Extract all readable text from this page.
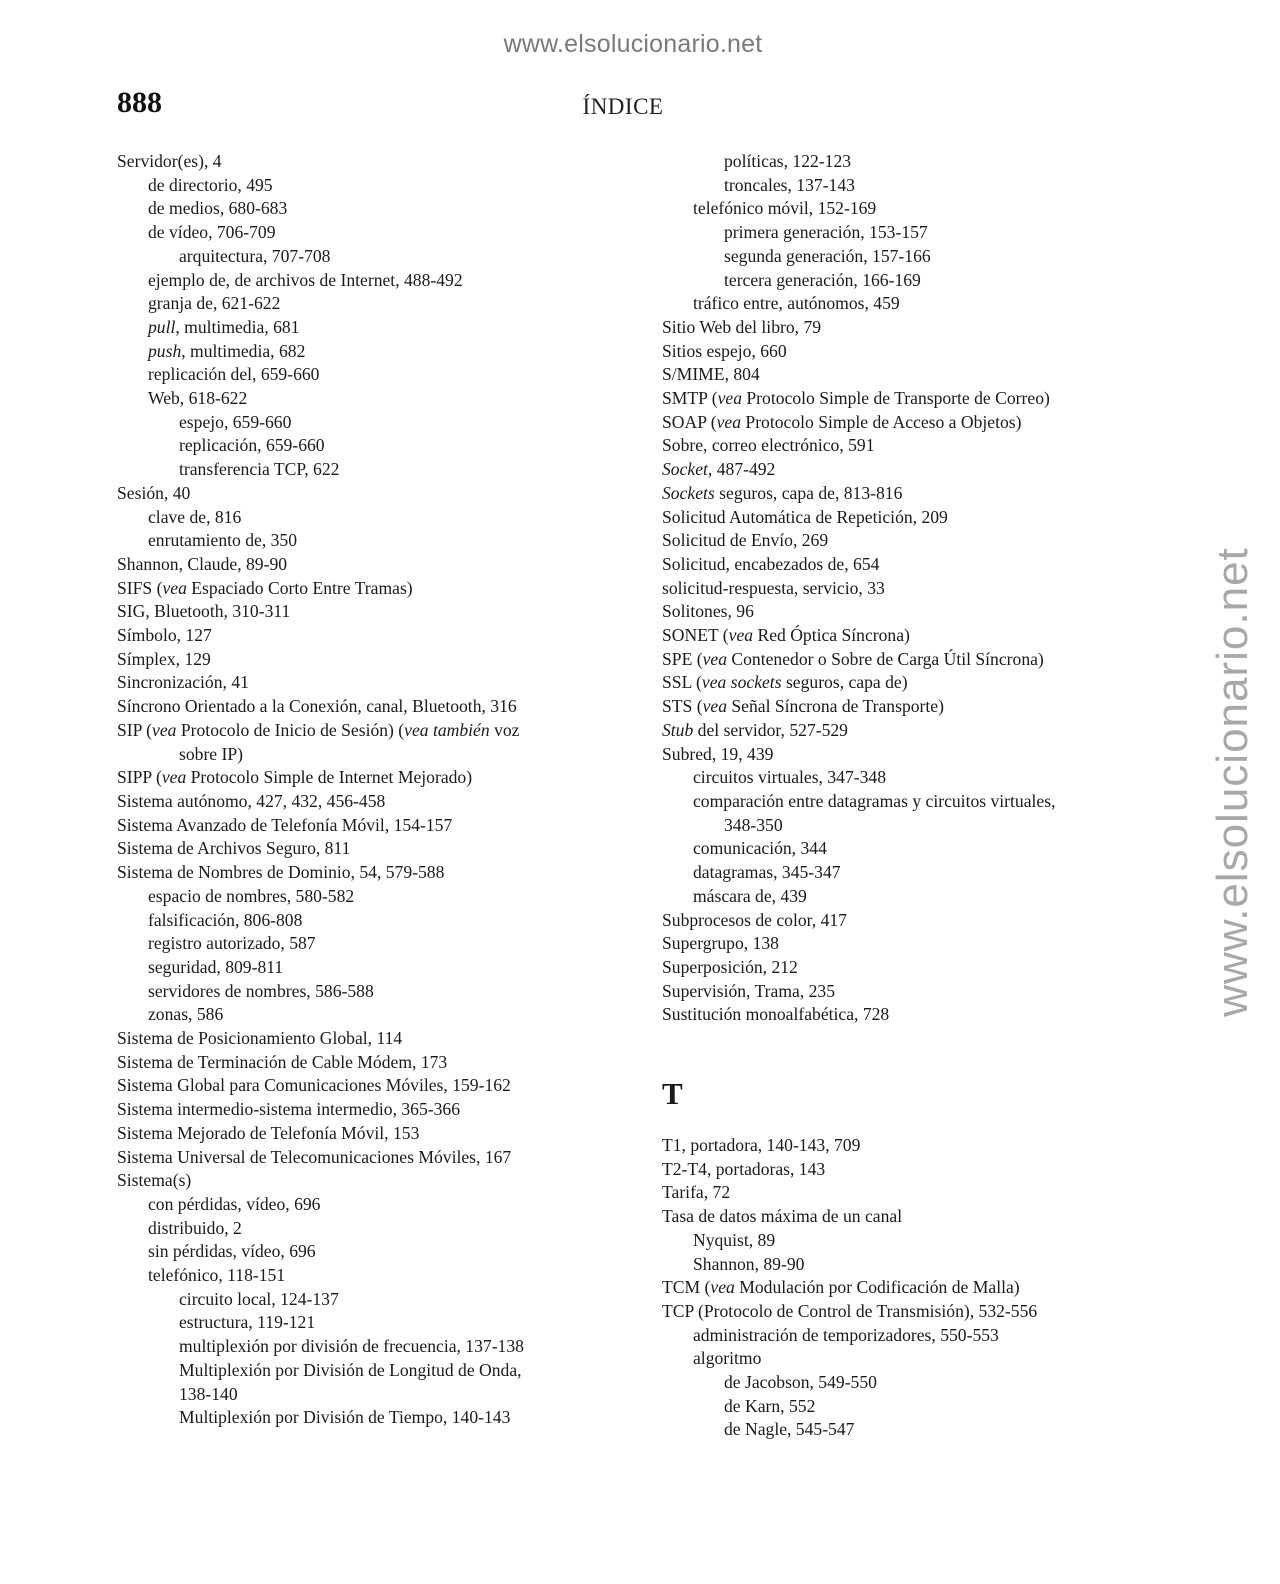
www.elsolucionario.net
www.elsolucionario.net
888	ÍNDICE
Servidor(es), 4
de directorio, 495
de medios, 680-683
de vídeo, 706-709
arquitectura, 707-708
ejemplo de, de archivos de Internet, 488-492
granja de, 621-622
pull, multimedia, 681
push, multimedia, 682
replicación del, 659-660
Web, 618-622
espejo, 659-660
replicación, 659-660
transferencia TCP, 622
Sesión, 40
clave de, 816
enrutamiento de, 350
Shannon, Claude, 89-90
SIFS (vea Espaciado Corto Entre Tramas)
SIG, Bluetooth, 310-311
Símbolo, 127
Símplex, 129
Sincronización, 41
Síncrono Orientado a la Conexión, canal, Bluetooth, 316
SIP (vea Protocolo de Inicio de Sesión) (vea también voz
sobre IP)
SIPP (vea Protocolo Simple de Internet Mejorado)
Sistema autónomo, 427, 432, 456-458
Sistema Avanzado de Telefonía Móvil, 154-157
Sistema de Archivos Seguro, 811
Sistema de Nombres de Dominio, 54, 579-588
espacio de nombres, 580-582
falsificación, 806-808
registro autorizado, 587
seguridad, 809-811
servidores de nombres, 586-588
zonas, 586
Sistema de Posicionamiento Global, 114
Sistema de Terminación de Cable Módem, 173
Sistema Global para Comunicaciones Móviles, 159-162
Sistema intermedio-sistema intermedio, 365-366
Sistema Mejorado de Telefonía Móvil, 153
Sistema Universal de Telecomunicaciones Móviles, 167
Sistema(s)
con pérdidas, vídeo, 696
distribuido, 2
sin pérdidas, vídeo, 696
telefónico, 118-151
circuito local, 124-137
estructura, 119-121
multiplexión por división de frecuencia, 137-138
Multiplexión por División de Longitud de Onda,
138-140
Multiplexión por División de Tiempo, 140-143
políticas, 122-123
troncales, 137-143
telefónico móvil, 152-169
primera generación, 153-157
segunda generación, 157-166
tercera generación, 166-169
tráfico entre, autónomos, 459
Sitio Web del libro, 79
Sitios espejo, 660
S/MIME, 804
SMTP (vea Protocolo Simple de Transporte de Correo)
SOAP (vea Protocolo Simple de Acceso a Objetos)
Sobre, correo electrónico, 591
Socket, 487-492
Sockets seguros, capa de, 813-816
Solicitud Automática de Repetición, 209
Solicitud de Envío, 269
Solicitud, encabezados de, 654
solicitud-respuesta, servicio, 33
Solitones, 96
SONET (vea Red Óptica Síncrona)
SPE (vea Contenedor o Sobre de Carga Útil Síncrona)
SSL (vea sockets seguros, capa de)
STS (vea Señal Síncrona de Transporte)
Stub del servidor, 527-529
Subred, 19, 439
circuitos virtuales, 347-348
comparación entre datagramas y circuitos virtuales,
348-350
comunicación, 344
datagramas, 345-347
máscara de, 439
Subprocesos de color, 417
Supergrupo, 138
Superposición, 212
Supervisión, Trama, 235
Sustitución monoalfabética, 728
T
T1, portadora, 140-143, 709
T2-T4, portadoras, 143
Tarifa, 72
Tasa de datos máxima de un canal
Nyquist, 89
Shannon, 89-90
TCM (vea Modulación por Codificación de Malla)
TCP (Protocolo de Control de Transmisión), 532-556
administración de temporizadores, 550-553
algoritmo
de Jacobson, 549-550
de Karn, 552
de Nagle, 545-547
